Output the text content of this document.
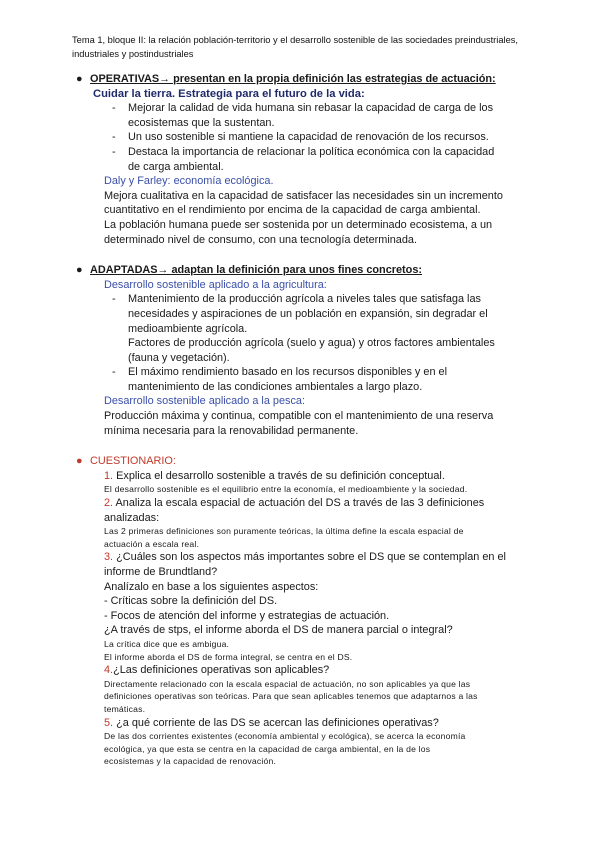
Tema 1, bloque II: la relación población-territorio y el desarrollo sostenible de las sociedades preindustriales,
industriales y postindustriales
● OPERATIVAS→ presentan en la propia definición las estrategias de actuación:
Cuidar la tierra. Estrategia para el futuro de la vida:
- Mejorar la calidad de vida humana sin rebasar la capacidad de carga de los
ecosistemas que la sustentan.
- Un uso sostenible si mantiene la capacidad de renovación de los recursos.
- Destaca la importancia de relacionar la política económica con la capacidad
de carga ambiental.
Daly y Farley: economía ecológica.
Mejora cualitativa en la capacidad de satisfacer las necesidades sin un incremento
cuantitativo en el rendimiento por encima de la capacidad de carga ambiental.
La población humana puede ser sostenida por un determinado ecosistema, a un
determinado nivel de consumo, con una tecnología determinada.
● ADAPTADAS→ adaptan la definición para unos fines concretos:
Desarrollo sostenible aplicado a la agricultura:
- Mantenimiento de la producción agrícola a niveles tales que satisfaga las
necesidades y aspiraciones de un población en expansión, sin degradar el
medioambiente agrícola.
Factores de producción agrícola (suelo y agua) y otros factores ambientales
(fauna y vegetación).
- El máximo rendimiento basado en los recursos disponibles y en el
mantenimiento de las condiciones ambientales a largo plazo.
Desarrollo sostenible aplicado a la pesca:
Producción máxima y continua, compatible con el mantenimiento de una reserva
mínima necesaria para la renovabilidad permanente.
● CUESTIONARIO:
1. Explica el desarrollo sostenible a través de su definición conceptual.
El desarrollo sostenible es el equilibrio entre la economía, el medioambiente y la sociedad.
2. Analiza la escala espacial de actuación del DS a través de las 3 definiciones
analizadas:
Las 2 primeras definiciones son puramente teóricas, la última define la escala espacial de
actuación a escala real.
3. ¿Cuáles son los aspectos más importantes sobre el DS que se contemplan en el
informe de Brundtland?
Analízalo en base a los siguientes aspectos:
- Críticas sobre la definición del DS.
- Focos de atención del informe y estrategias de actuación.
¿A través de stps, el informe aborda el DS de manera parcial o integral?
La crítica dice que es ambigua.
El informe aborda el DS de forma integral, se centra en el DS.
4.¿Las definiciones operativas son aplicables?
Directamente relacionado con la escala espacial de actuación, no son aplicables ya que las
definiciones operativas son teóricas. Para que sean aplicables tenemos que adaptarnos a las
temáticas.
5. ¿a qué corriente de las DS se acercan las definiciones operativas?
De las dos corrientes existentes (economía ambiental y ecológica), se acerca la economía
ecológica, ya que esta se centra en la capacidad de carga ambiental, en la de los
ecosistemas y la capacidad de renovación.
